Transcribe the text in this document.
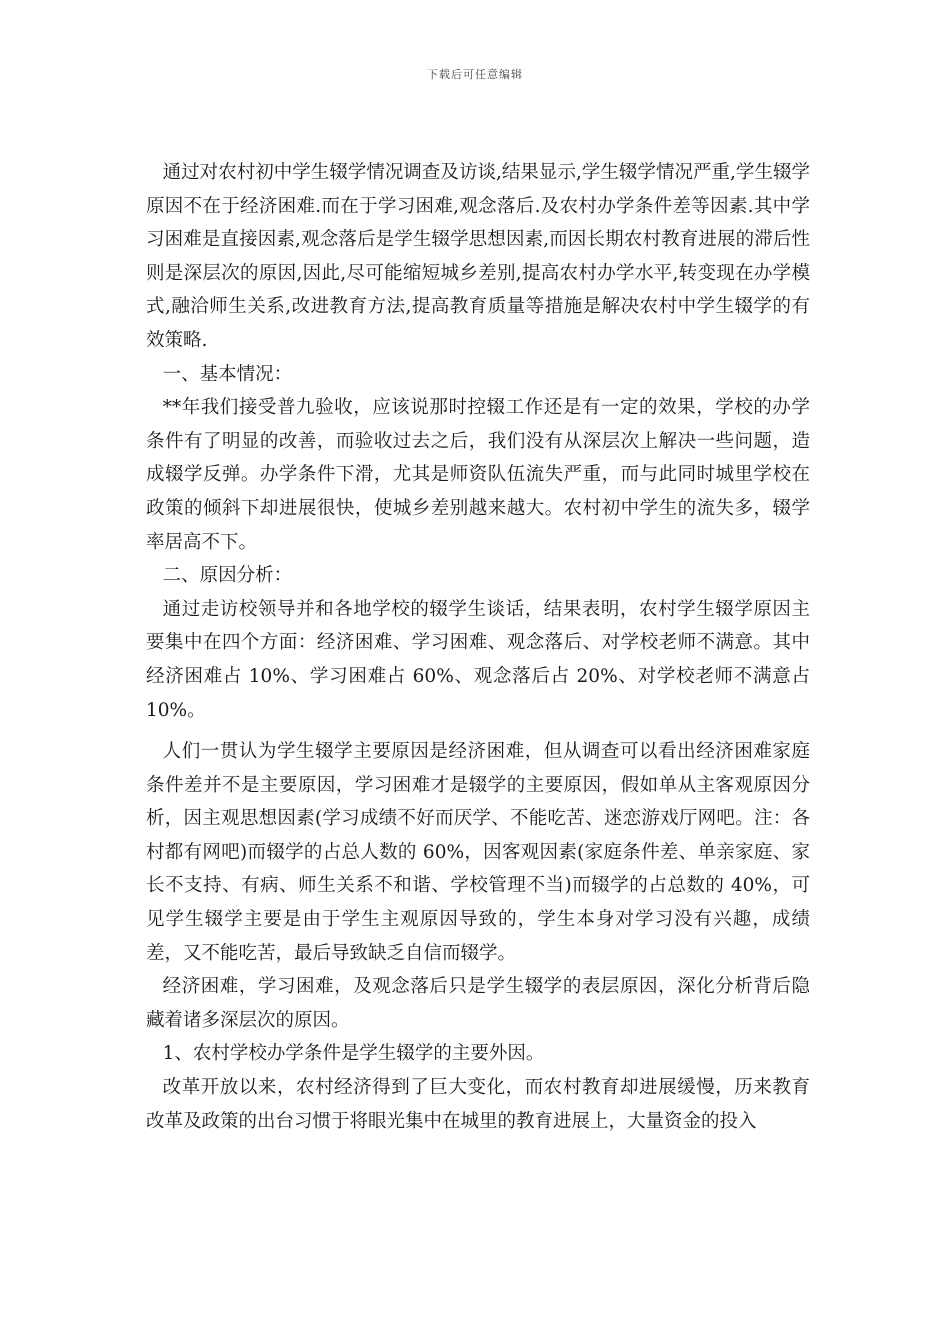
下载后可任意编辑

通过对农村初中学生辍学情况调查及访谈,结果显示,学生辍学情况严重,学生辍学原因不在于经济困难.而在于学习困难,观念落后.及农村办学条件差等因素.其中学习困难是直接因素,观念落后是学生辍学思想因素,而因长期农村教育进展的滞后性则是深层次的原因,因此,尽可能缩短城乡差别,提高农村办学水平,转变现在办学模式,融洽师生关系,改进教育方法,提高教育质量等措施是解决农村中学生辍学的有效策略.

一、基本情况：

**年我们接受普九验收，应该说那时控辍工作还是有一定的效果，学校的办学条件有了明显的改善，而验收过去之后，我们没有从深层次上解决一些问题，造成辍学反弹。办学条件下滑，尤其是师资队伍流失严重，而与此同时城里学校在政策的倾斜下却进展很快，使城乡差别越来越大。农村初中学生的流失多，辍学率居高不下。

二、原因分析：

通过走访校领导并和各地学校的辍学生谈话，结果表明，农村学生辍学原因主要集中在四个方面：经济困难、学习困难、观念落后、对学校老师不满意。其中经济困难占 10%、学习困难占 60%、观念落后占 20%、对学校老师不满意占 10%。

人们一贯认为学生辍学主要原因是经济困难，但从调查可以看出经济困难家庭条件差并不是主要原因，学习困难才是辍学的主要原因，假如单从主客观原因分析，因主观思想因素(学习成绩不好而厌学、不能吃苦、迷恋游戏厅网吧。注：各村都有网吧)而辍学的占总人数的 60%，因客观因素(家庭条件差、单亲家庭、家长不支持、有病、师生关系不和谐、学校管理不当)而辍学的占总数的 40%，可见学生辍学主要是由于学生主观原因导致的，学生本身对学习没有兴趣，成绩差，又不能吃苦，最后导致缺乏自信而辍学。

经济困难，学习困难，及观念落后只是学生辍学的表层原因，深化分析背后隐藏着诸多深层次的原因。

1、农村学校办学条件是学生辍学的主要外因。

改革开放以来，农村经济得到了巨大变化，而农村教育却进展缓慢，历来教育改革及政策的出台习惯于将眼光集中在城里的教育进展上，大量资金的投入
